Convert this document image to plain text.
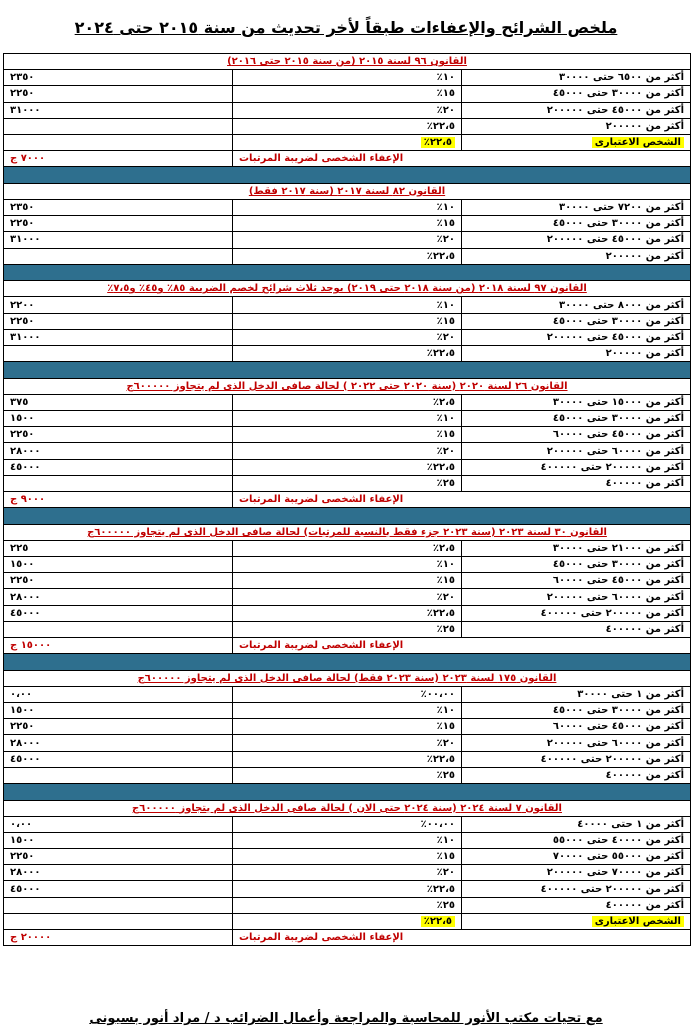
ملخص الشرائح والإعفاءات طبقاً لأخر تحديث من سنة ٢٠١٥ حتى ٢٠٢٤
القانون ٩٦ لسنة ٢٠١٥ (من سنة ٢٠١٥ حتى ٢٠١٦)		
أكثر من ٦٥٠٠ حتى ٣٠٠٠٠	١٠٪	٢٣٥٠
أكثر من ٣٠٠٠٠ حتى ٤٥٠٠٠	١٥٪	٢٢٥٠
أكثر من ٤٥٠٠٠ حتى ٢٠٠٠٠٠	٢٠٪	٣١٠٠٠
أكثر من ٢٠٠٠٠٠	٢٢،٥٪	
الشخص الاعتبارى	٢٢،٥٪	
الإعفاء الشخصى لضريبة المرتبات		٧٠٠٠ ج

القانون ٨٢ لسنة ٢٠١٧ (سنة ٢٠١٧ فقط)		
أكثر من ٧٢٠٠ حتى ٣٠٠٠٠	١٠٪	٢٣٥٠
أكثر من ٣٠٠٠٠ حتى ٤٥٠٠٠	١٥٪	٢٢٥٠
أكثر من ٤٥٠٠٠ حتى ٢٠٠٠٠٠	٢٠٪	٣١٠٠٠
أكثر من ٢٠٠٠٠٠	٢٢،٥٪	

القانون ٩٧ لسنة ٢٠١٨ (من سنة ٢٠١٨ حتى ٢٠١٩) يوجد ثلاث شرائح لخصم الضريبة ٨٥٪ و٤٥٪ و٧،٥٪		
أكثر من ٨٠٠٠ حتى ٣٠٠٠٠	١٠٪	٢٢٠٠
أكثر من ٣٠٠٠٠ حتى ٤٥٠٠٠	١٥٪	٢٢٥٠
أكثر من ٤٥٠٠٠ حتى ٢٠٠٠٠٠	٢٠٪	٣١٠٠٠
أكثر من ٢٠٠٠٠٠	٢٢،٥٪	

القانون ٢٦ لسنة ٢٠٢٠ (سنة ٢٠٢٠ حتى ٢٠٢٢ ) لحالة صافى الدخل الذى لم يتجاوز ٦٠٠٠٠٠ج		
أكثر من ١٥٠٠٠ حتى ٣٠٠٠٠	٢،٥٪	٣٧٥
أكثر من ٣٠٠٠٠ حتى ٤٥٠٠٠	١٠٪	١٥٠٠
أكثر من ٤٥٠٠٠ حتى ٦٠٠٠٠	١٥٪	٢٢٥٠
أكثر من ٦٠٠٠٠ حتى ٢٠٠٠٠٠	٢٠٪	٢٨٠٠٠
أكثر من ٢٠٠٠٠٠ حتى ٤٠٠٠٠٠	٢٢،٥٪	٤٥٠٠٠
أكثر من ٤٠٠٠٠٠	٢٥٪	
الإعفاء الشخصى لضريبة المرتبات		٩٠٠٠ ج

القانون ٣٠ لسنة ٢٠٢٣ (سنة ٢٠٢٣ جزء فقط بالنسبة للمرتبات) لحالة صافى الدخل الذى لم يتجاوز ٦٠٠٠٠٠ج		
أكثر من ٢١٠٠٠ حتى ٣٠٠٠٠	٢،٥٪	٢٢٥
أكثر من ٣٠٠٠٠ حتى ٤٥٠٠٠	١٠٪	١٥٠٠
أكثر من ٤٥٠٠٠ حتى ٦٠٠٠٠	١٥٪	٢٢٥٠
أكثر من ٦٠٠٠٠ حتى ٢٠٠٠٠٠	٢٠٪	٢٨٠٠٠
أكثر من ٢٠٠٠٠٠ حتى ٤٠٠٠٠٠	٢٢،٥٪	٤٥٠٠٠
أكثر من ٤٠٠٠٠٠	٢٥٪	
الإعفاء الشخصى لضريبة المرتبات		١٥٠٠٠ ج

القانون ١٧٥ لسنة ٢٠٢٣ (سنة ٢٠٢٣ فقط) لحالة صافى الدخل الذى لم يتجاوز ٦٠٠٠٠٠ج		
أكثر من ١ حتى ٣٠٠٠٠	٠٠،٠٠٪	٠،٠٠
أكثر من ٣٠٠٠٠ حتى ٤٥٠٠٠	١٠٪	١٥٠٠
أكثر من ٤٥٠٠٠ حتى ٦٠٠٠٠	١٥٪	٢٢٥٠
أكثر من ٦٠٠٠٠ حتى ٢٠٠٠٠٠	٢٠٪	٢٨٠٠٠
أكثر من ٢٠٠٠٠٠ حتى ٤٠٠٠٠٠	٢٢،٥٪	٤٥٠٠٠
أكثر من ٤٠٠٠٠٠	٢٥٪	

القانون ٧ لسنة ٢٠٢٤ (سنة ٢٠٢٤ حتى الان ) لحالة صافى الدخل الذى لم يتجاوز ٦٠٠٠٠٠ج		
أكثر من ١ حتى ٤٠٠٠٠	٠٠،٠٠٪	٠،٠٠
أكثر من ٤٠٠٠٠ حتى ٥٥٠٠٠	١٠٪	١٥٠٠
أكثر من ٥٥٠٠٠ حتى ٧٠٠٠٠	١٥٪	٢٢٥٠
أكثر من ٧٠٠٠٠ حتى ٢٠٠٠٠٠	٢٠٪	٢٨٠٠٠
أكثر من ٢٠٠٠٠٠ حتى ٤٠٠٠٠٠	٢٢،٥٪	٤٥٠٠٠
أكثر من ٤٠٠٠٠٠	٢٥٪	
الشخص الاعتبارى	٢٢،٥٪	
الإعفاء الشخصى لضريبة المرتبات		٢٠٠٠٠ ج
مع تحيات مكتب الأنور للمحاسبة والمراجعة وأعمال الضرائب د / مراد أنور بسيونى
